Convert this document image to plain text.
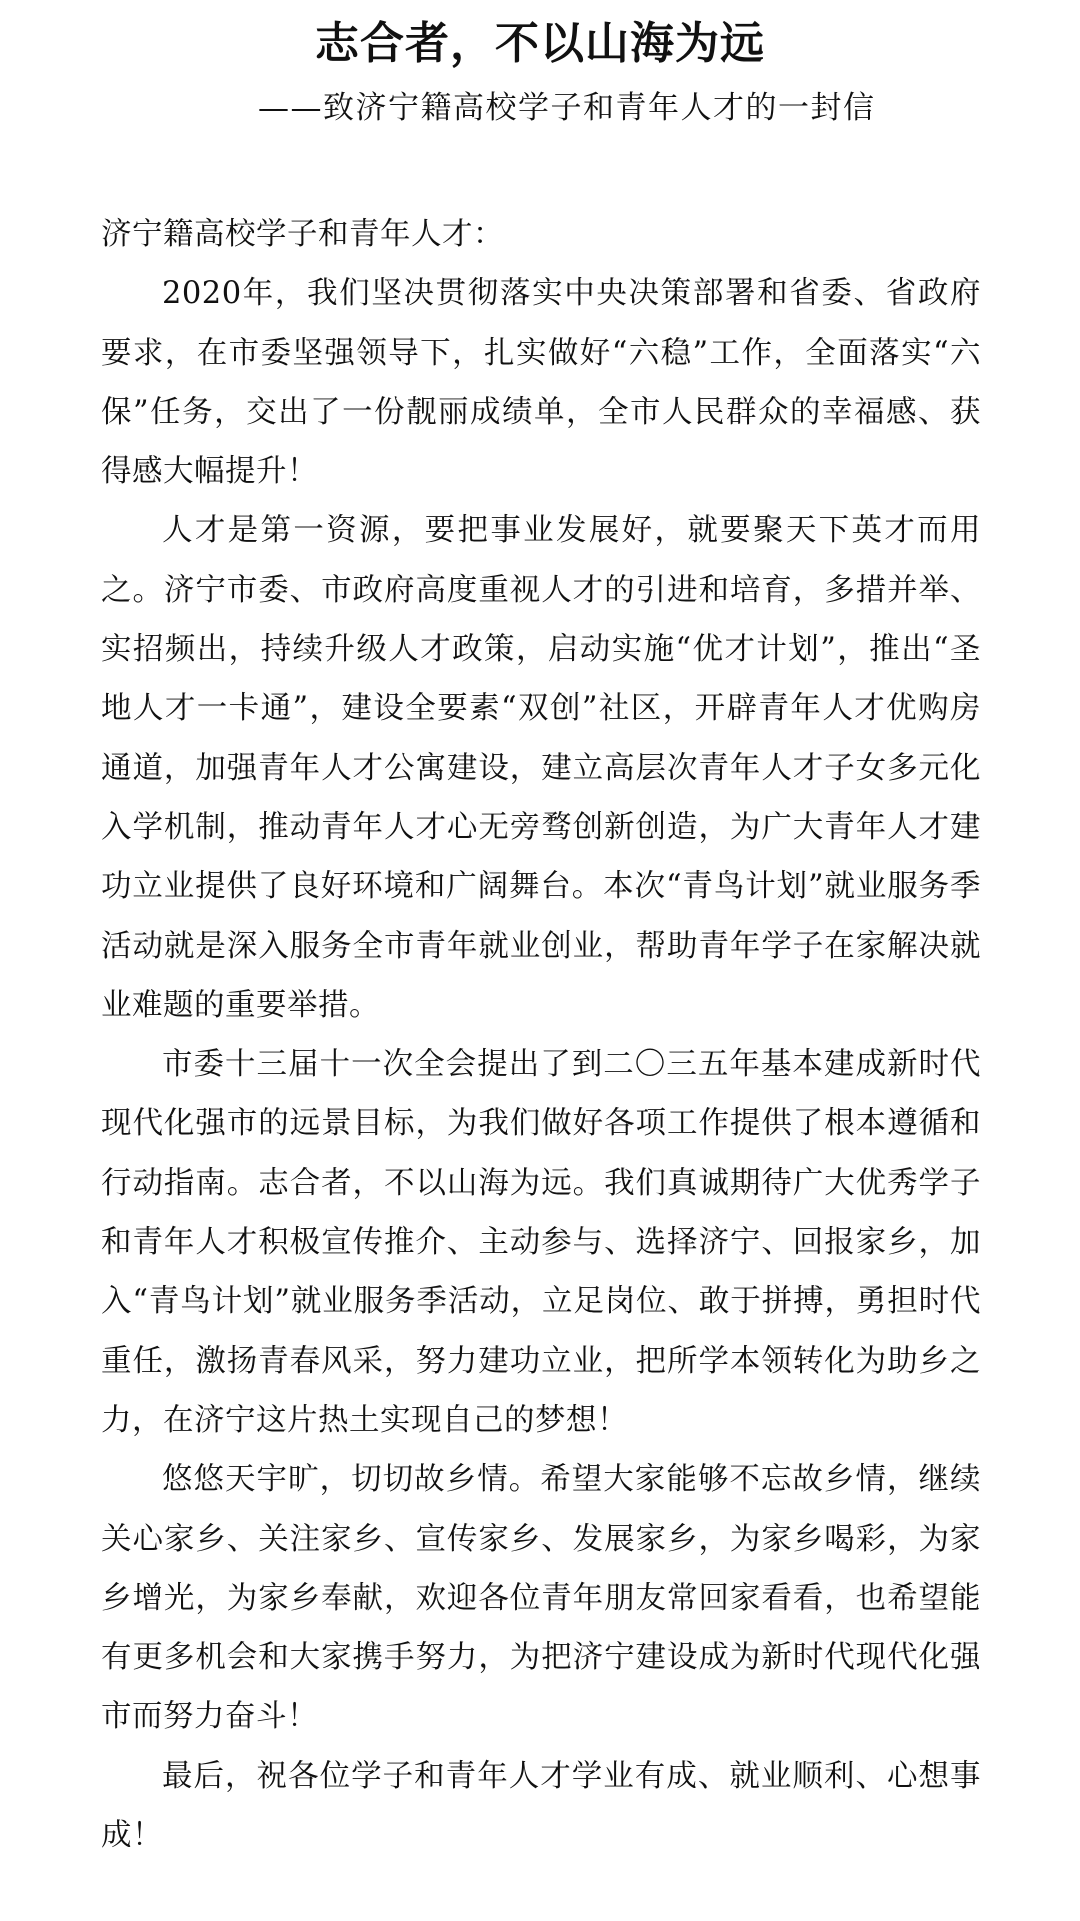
志合者，不以山海为远
——致济宁籍高校学子和青年人才的一封信

济宁籍高校学子和青年人才：

2020年，我们坚决贯彻落实中央决策部署和省委、省政府要求，在市委坚强领导下，扎实做好“六稳”工作，全面落实“六保”任务，交出了一份靓丽成绩单，全市人民群众的幸福感、获得感大幅提升！

人才是第一资源，要把事业发展好，就要聚天下英才而用之。济宁市委、市政府高度重视人才的引进和培育，多措并举、实招频出，持续升级人才政策，启动实施“优才计划”，推出“圣地人才一卡通”，建设全要素“双创”社区，开辟青年人才优购房通道，加强青年人才公寓建设，建立高层次青年人才子女多元化入学机制，推动青年人才心无旁骛创新创造，为广大青年人才建功立业提供了良好环境和广阔舞台。本次“青鸟计划”就业服务季活动就是深入服务全市青年就业创业，帮助青年学子在家解决就业难题的重要举措。

市委十三届十一次全会提出了到二〇三五年基本建成新时代现代化强市的远景目标，为我们做好各项工作提供了根本遵循和行动指南。志合者，不以山海为远。我们真诚期待广大优秀学子和青年人才积极宣传推介、主动参与、选择济宁、回报家乡，加入“青鸟计划”就业服务季活动，立足岗位、敢于拼搏，勇担时代重任，激扬青春风采，努力建功立业，把所学本领转化为助乡之力，在济宁这片热土实现自己的梦想！

悠悠天宇旷，切切故乡情。希望大家能够不忘故乡情，继续关心家乡、关注家乡、宣传家乡、发展家乡，为家乡喝彩，为家乡增光，为家乡奉献，欢迎各位青年朋友常回家看看，也希望能有更多机会和大家携手努力，为把济宁建设成为新时代现代化强市而努力奋斗！

最后，祝各位学子和青年人才学业有成、就业顺利、心想事成！
